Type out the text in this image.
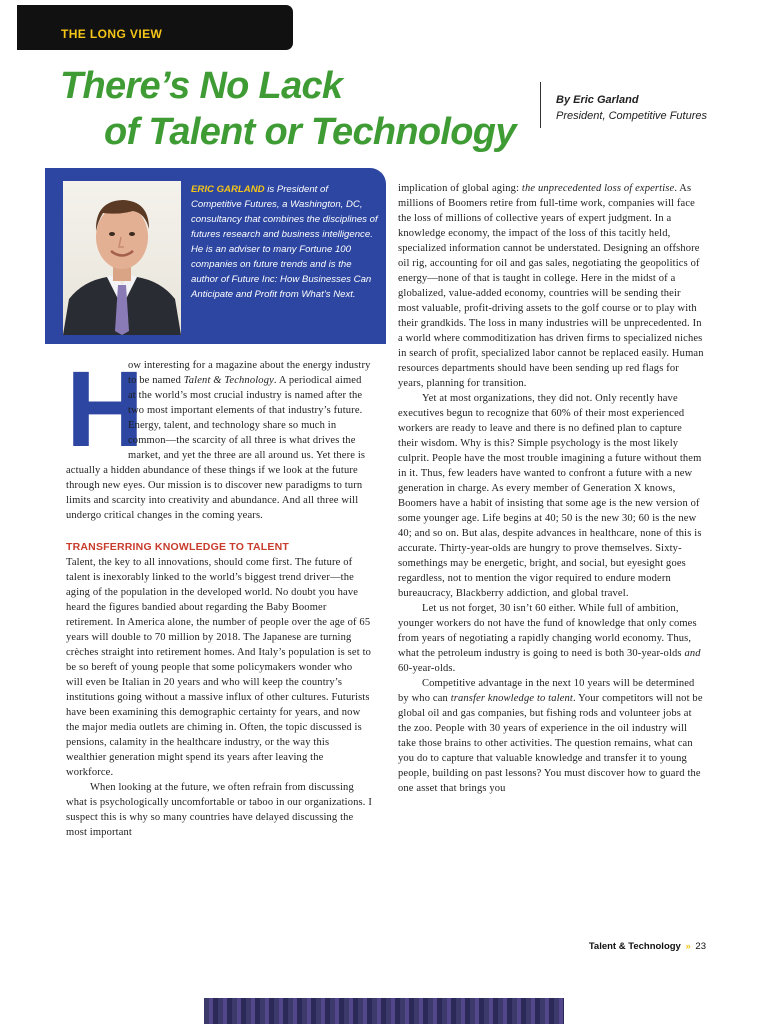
THE LONG VIEW
There’s No Lack
of Talent or Technology
By Eric Garland
President, Competitive Futures
ERIC GARLAND is President of Competitive Futures, a Washington, DC, consultancy that combines the disciplines of futures research and business intelligence. He is an adviser to many Fortune 100 companies on future trends and is the author of Future Inc: How Businesses Can Anticipate and Profit from What’s Next.
H

ow interesting for a magazine about the energy industry to be named Talent & Technology. A periodical aimed at the world’s most crucial industry is named after the two most important elements of that industry’s future. Energy, talent, and technology share so much in common—the scarcity of all three is what drives the market, and yet the three are all around us. Yet there is actually a hidden abundance of these things if we look at the future through new eyes. Our mission is to discover new paradigms to turn limits and scarcity into creativity and abundance. And all three will undergo critical changes in the coming years.

TRANSFERRING KNOWLEDGE TO TALENT

Talent, the key to all innovations, should come first. The future of talent is inexorably linked to the world’s biggest trend driver—the aging of the population in the developed world. No doubt you have heard the figures bandied about regarding the Baby Boomer retirement. In America alone, the number of people over the age of 65 years will double to 70 million by 2018. The Japanese are turning crèches straight into retirement homes. And Italy’s population is set to be so bereft of young people that some policymakers wonder who will even be Italian in 20 years and who will keep the country’s institutions going without a massive influx of other cultures. Futurists have been examining this demographic certainty for years, and now the major media outlets are chiming in. Often, the topic discussed is pensions, calamity in the healthcare industry, or the way this wealthier generation might spend its years after leaving the workforce.

When looking at the future, we often refrain from discussing what is psychologically uncomfortable or taboo in our organizations. I suspect this is why so many countries have delayed discussing the most important

implication of global aging: the unprecedented loss of expertise. As millions of Boomers retire from full-time work, companies will face the loss of millions of collective years of expert judgment. In a knowledge economy, the impact of the loss of this tacitly held, specialized information cannot be understated. Designing an offshore oil rig, accounting for oil and gas sales, negotiating the geopolitics of energy—none of that is taught in college. Here in the midst of a globalized, value-added economy, countries will be sending their most valuable, profit-driving assets to the golf course or to play with their grandkids. The loss in many industries will be unprecedented. In a world where commoditization has driven firms to specialized niches in search of profit, specialized labor cannot be replaced easily. Human resources departments should have been sending up red flags for years, planning for transition.

Yet at most organizations, they did not. Only recently have executives begun to recognize that 60% of their most experienced workers are ready to leave and there is no defined plan to capture their wisdom. Why is this? Simple psychology is the most likely culprit. People have the most trouble imagining a future without them in it. Thus, few leaders have wanted to confront a future with a new generation in charge. As every member of Generation X knows, Boomers have a habit of insisting that some age is the new version of some younger age. Life begins at 40; 50 is the new 30; 60 is the new 40; and so on. But alas, despite advances in healthcare, none of this is accurate. Thirty-year-olds are hungry to prove themselves. Sixty-somethings may be energetic, bright, and social, but eyesight goes regardless, not to mention the vigor required to endure modern bureaucracy, Blackberry addiction, and global travel.

Let us not forget, 30 isn’t 60 either. While full of ambition, younger workers do not have the fund of knowledge that only comes from years of negotiating a rapidly changing world economy. Thus, what the petroleum industry is going to need is both 30-year-olds and 60-year-olds.

Competitive advantage in the next 10 years will be determined by who can transfer knowledge to talent. Your competitors will not be global oil and gas companies, but fishing rods and volunteer jobs at the zoo. People with 30 years of experience in the oil industry will take those brains to other activities. The question remains, what can you do to capture that valuable knowledge and transfer it to young people, building on past lessons? You must discover how to guard the one asset that brings you

Talent & Technology » 23
